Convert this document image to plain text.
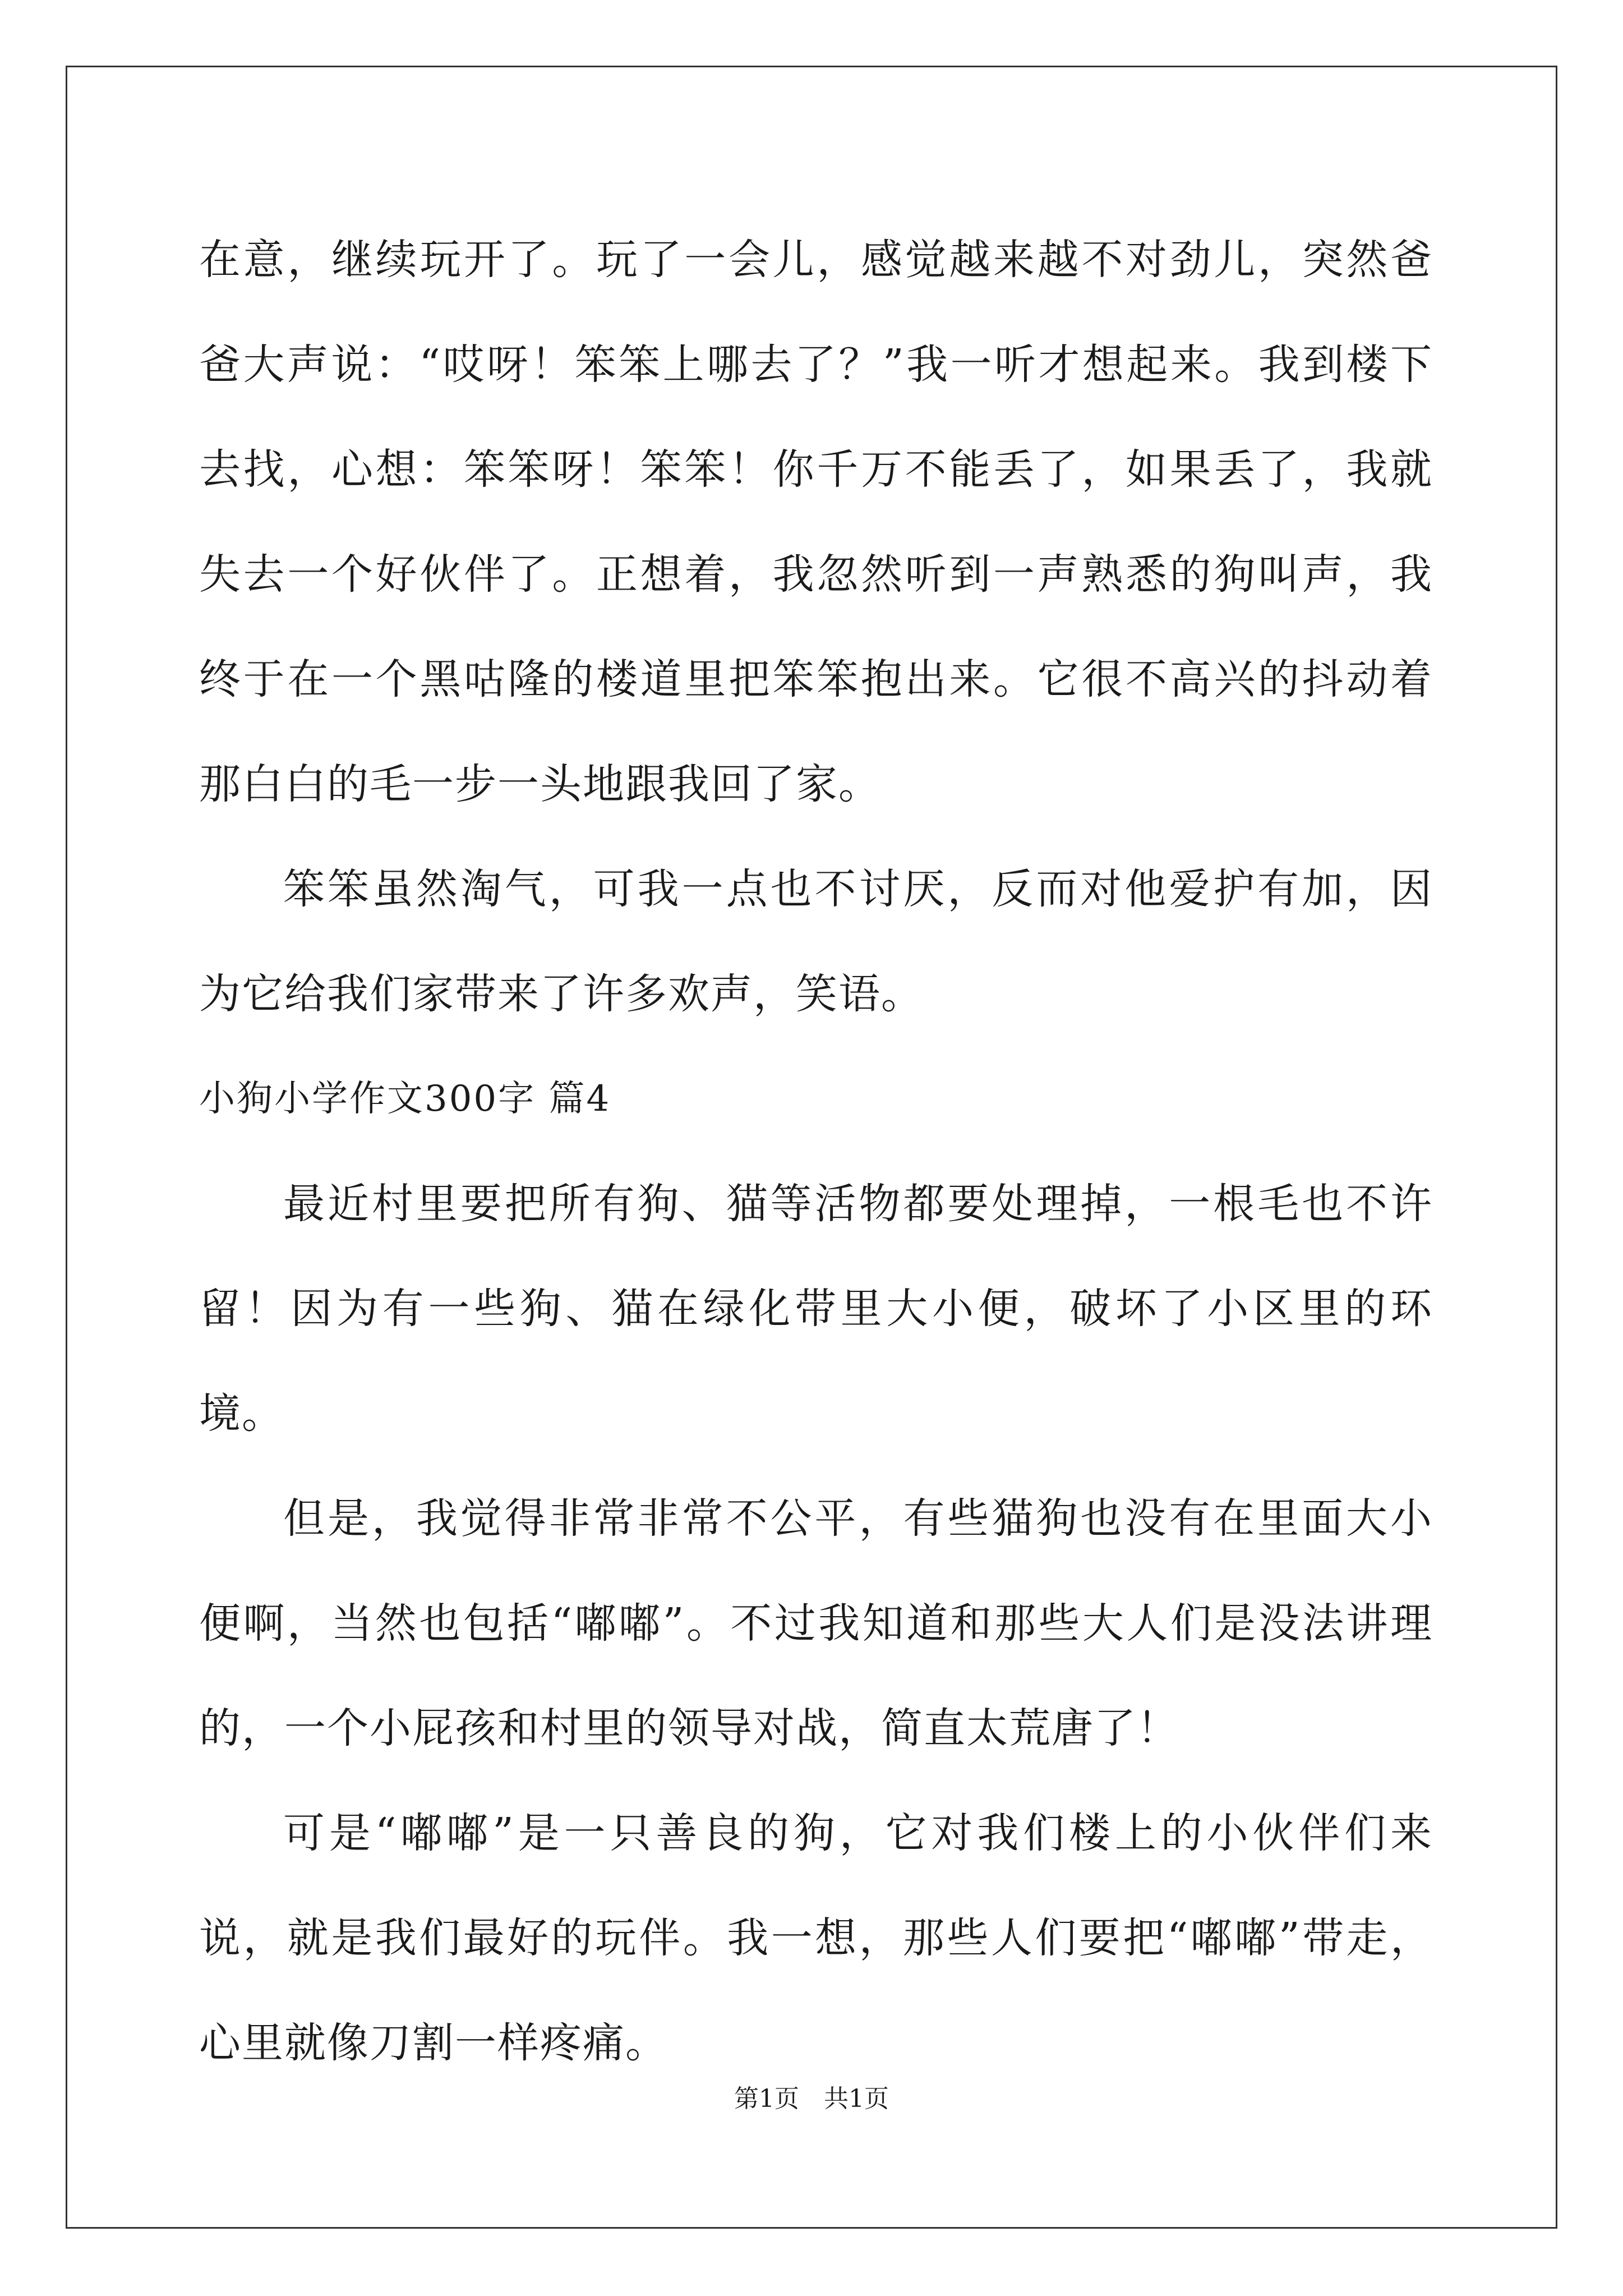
在意，继续玩开了。玩了一会儿，感觉越来越不对劲儿，突然爸爸大声说：“哎呀！笨笨上哪去了？”我一听才想起来。我到楼下去找，心想：笨笨呀！笨笨！你千万不能丢了，如果丢了，我就失去一个好伙伴了。正想着，我忽然听到一声熟悉的狗叫声，我终于在一个黑咕隆的楼道里把笨笨抱出来。它很不高兴的抖动着那白白的毛一步一头地跟我回了家。

笨笨虽然淘气，可我一点也不讨厌，反而对他爱护有加，因为它给我们家带来了许多欢声，笑语。

小狗小学作文300字 篇4

最近村里要把所有狗、猫等活物都要处理掉，一根毛也不许留！因为有一些狗、猫在绿化带里大小便，破坏了小区里的环境。

但是，我觉得非常非常不公平，有些猫狗也没有在里面大小便啊，当然也包括“嘟嘟”。不过我知道和那些大人们是没法讲理的，一个小屁孩和村里的领导对战，简直太荒唐了！

可是“嘟嘟”是一只善良的狗，它对我们楼上的小伙伴们来说，就是我们最好的玩伴。我一想，那些人们要把“嘟嘟”带走，心里就像刀割一样疼痛。

第1页　共1页
